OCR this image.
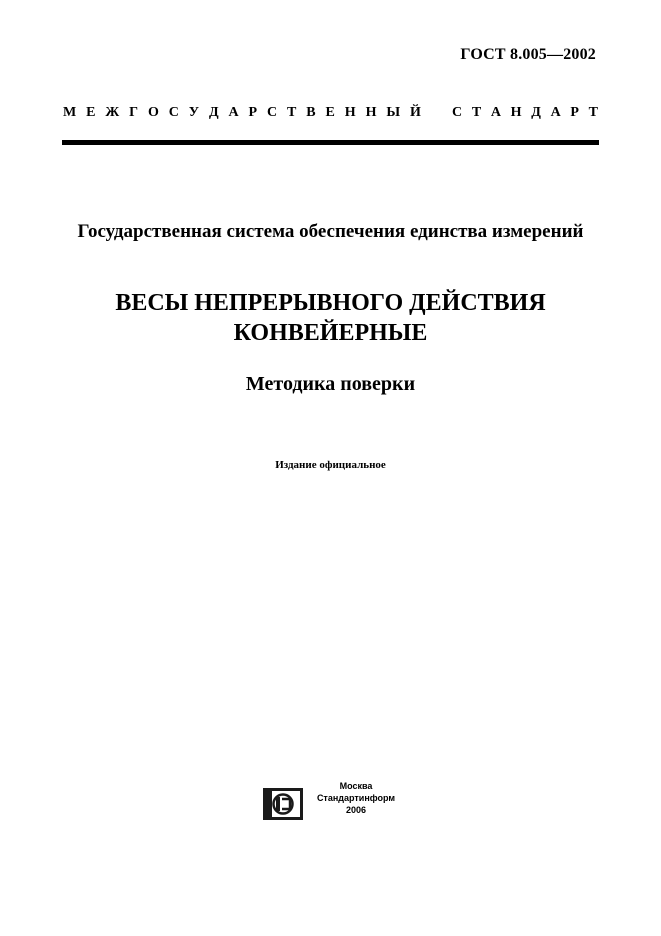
ГОСТ 8.005—2002
М Е Ж Г О С У Д А Р С Т В Е Н Н Ы Й С Т А Н Д А Р Т
Государственная система обеспечения единства измерений
ВЕСЫ НЕПРЕРЫВНОГО ДЕЙСТВИЯ КОНВЕЙЕРНЫЕ
Методика поверки
Издание официальное
Москва
Стандартинформ
2006
